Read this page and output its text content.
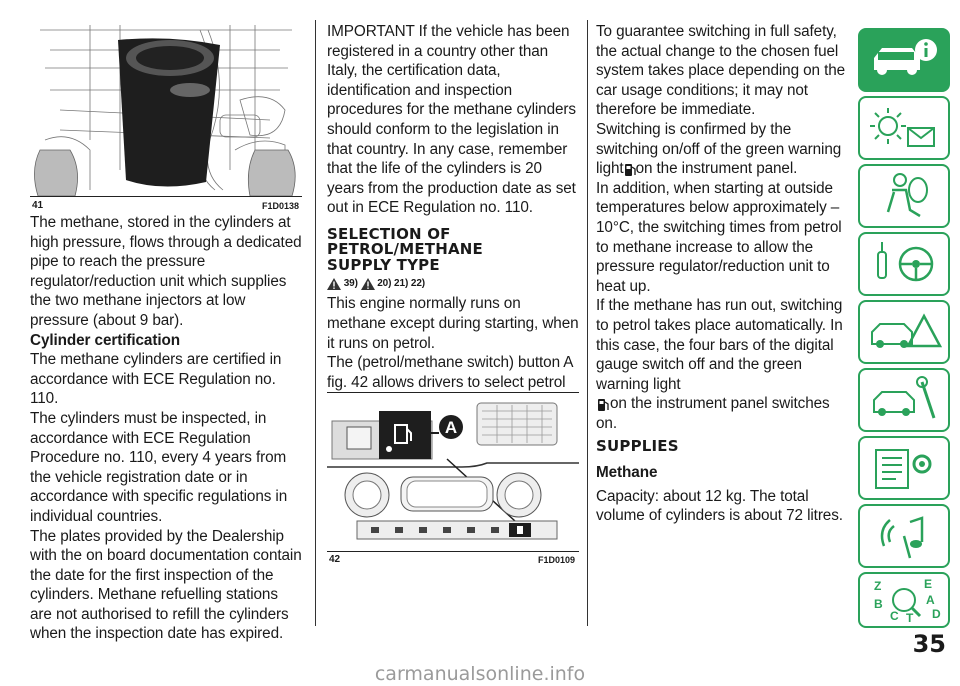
41	F1D0138

The methane, stored in the cylinders at high pressure, flows through a dedicated pipe to reach the pressure regulator/reduction unit which supplies the two methane injectors at low pressure (about 9 bar).

Cylinder certification

The methane cylinders are certified in accordance with ECE Regulation no. 110.

The cylinders must be inspected, in accordance with ECE Regulation Procedure no. 110, every 4 years from the vehicle registration date or in accordance with specific regulations in individual countries.

The plates provided by the Dealership with the on board documentation contain the date for the first inspection of the cylinders. Methane refuelling stations are not authorised to refill the cylinders when the inspection date has expired.

IMPORTANT If the vehicle has been registered in a country other than Italy, the certification data, identification and inspection procedures for the methane cylinders should conform to the legislation in that country. In any case, remember that the life of the cylinders is 20 years from the production date as set out in ECE Regulation no. 110.

SELECTION OF

PETROL/METHANE

SUPPLY TYPE

39) 20) 21) 22)

This engine normally runs on methane except during starting, when it runs on petrol.

The (petrol/methane switch) button A fig. 42 allows drivers to select petrol

A
42	F1D0109

To guarantee switching in full safety, the actual change to the chosen fuel system takes place depending on the car usage conditions; it may not therefore be immediate.

Switching is confirmed by the switching on/off of the green warning light on the instrument panel.

In addition, when starting at outside temperatures below approximately –10°C, the switching times from petrol to methane increase to allow the pressure regulator/reduction unit to heat up.

If the methane has run out, switching to petrol takes place automatically. In this case, the four bars of the digital gauge switch off and the green warning light
on the instrument panel switches on.

SUPPLIES

Methane

Capacity: about 12 kg. The total volume of cylinders is about 72 litres.

Z	E
A
B
C T D
35
carmanualsonline.info
